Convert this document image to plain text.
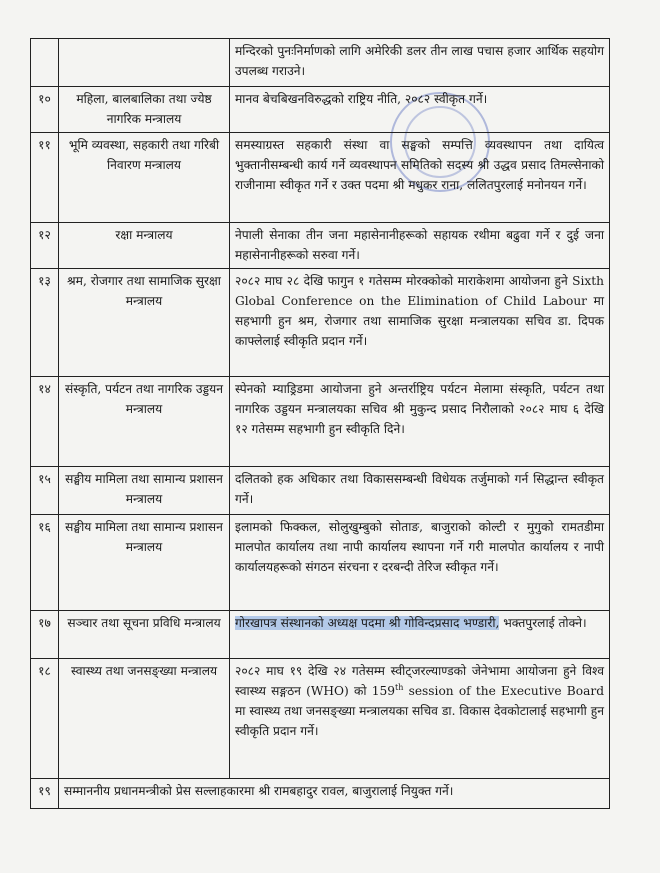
		मन्दिरको पुनःनिर्माणको लागि अमेरिकी डलर तीन लाख पचास हजार आर्थिक सहयोग उपलब्ध गराउने।
१०	महिला, बालबालिका तथा ज्येष्ठ नागरिक मन्त्रालय	मानव बेचबिखनविरुद्धको राष्ट्रिय नीति, २०८२ स्वीकृत गर्ने।
११	भूमि व्यवस्था, सहकारी तथा गरिबी निवारण मन्त्रालय	समस्याग्रस्त सहकारी संस्था वा सङ्घको सम्पत्ति व्यवस्थापन तथा दायित्व भुक्तानीसम्बन्धी कार्य गर्ने व्यवस्थापन समितिको सदस्य श्री उद्धव प्रसाद तिमल्सेनाको राजीनामा स्वीकृत गर्ने र उक्त पदमा श्री मधुकर राना, ललितपुरलाई मनोनयन गर्ने।
१२	रक्षा मन्त्रालय	नेपाली सेनाका तीन जना महासेनानीहरूको सहायक रथीमा बढुवा गर्ने र दुई जना महासेनानीहरूको सरुवा गर्ने।
१३	श्रम, रोजगार तथा सामाजिक सुरक्षा मन्त्रालय	२०८२ माघ २८ देखि फागुन १ गतेसम्म मोरक्कोको माराकेशमा आयोजना हुने Sixth Global Conference on the Elimination of Child Labour मा सहभागी हुन श्रम, रोजगार तथा सामाजिक सुरक्षा मन्त्रालयका सचिव डा. दिपक काफ्लेलाई स्वीकृति प्रदान गर्ने।
१४	संस्कृति, पर्यटन तथा नागरिक उड्डयन मन्त्रालय	स्पेनको म्याड्रिडमा आयोजना हुने अन्तर्राष्ट्रिय पर्यटन मेलामा संस्कृति, पर्यटन तथा नागरिक उड्डयन मन्त्रालयका सचिव श्री मुकुन्द प्रसाद निरौलाको २०८२ माघ ६ देखि १२ गतेसम्म सहभागी हुन स्वीकृति दिने।
१५	सङ्घीय मामिला तथा सामान्य प्रशासन मन्त्रालय	दलितको हक अधिकार तथा विकाससम्बन्धी विधेयक तर्जुमाको गर्न सिद्धान्त स्वीकृत गर्ने।
१६	सङ्घीय मामिला तथा सामान्य प्रशासन मन्त्रालय	इलामको फिक्कल, सोलुखुम्बुको सोताङ, बाजुराको कोल्टी र मुगुको रामतडीमा मालपोत कार्यालय तथा नापी कार्यालय स्थापना गर्ने गरी मालपोत कार्यालय र नापी कार्यालयहरूको संगठन संरचना र दरबन्दी तेरिज स्वीकृत गर्ने।
१७	सञ्चार तथा सूचना प्रविधि मन्त्रालय	गोरखापत्र संस्थानको अध्यक्ष पदमा श्री गोविन्दप्रसाद भण्डारी, भक्तपुरलाई तोक्ने।
१८	स्वास्थ्य तथा जनसङ्ख्या मन्त्रालय	२०८२ माघ १९ देखि २४ गतेसम्म स्वीट्जरल्याण्डको जेनेभामा आयोजना हुने विश्व स्वास्थ्य सङ्गठन (WHO) को 159th session of the Executive Board मा स्वास्थ्य तथा जनसङ्ख्या मन्त्रालयका सचिव डा. विकास देवकोटालाई सहभागी हुन स्वीकृति प्रदान गर्ने।
१९	सम्माननीय प्रधानमन्त्रीको प्रेस सल्लाहकारमा श्री रामबहादुर रावल, बाजुरालाई नियुक्त गर्ने।	
